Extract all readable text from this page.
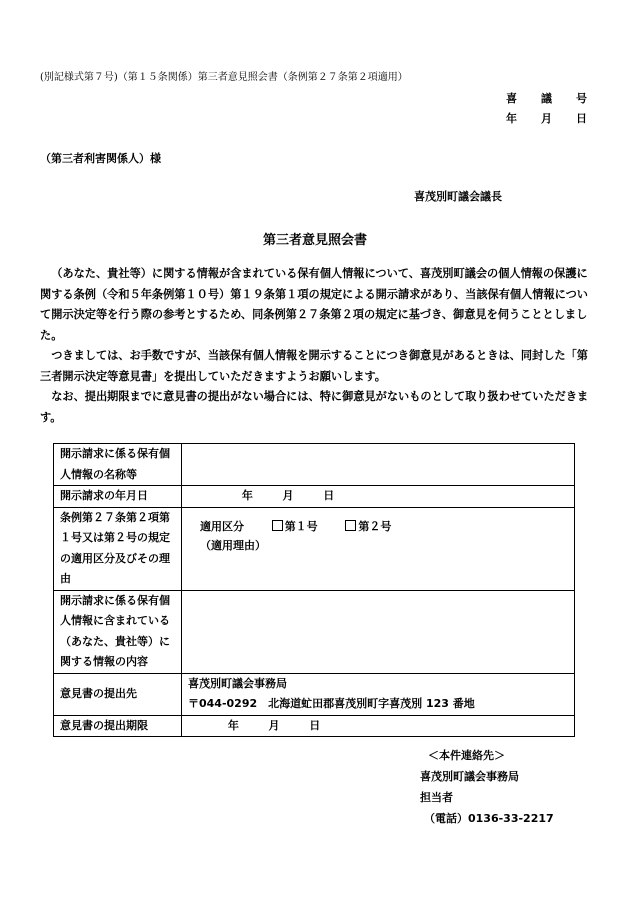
(別記様式第７号)（第１５条関係）第三者意見照会書（条例第２７条第２項適用）
喜 議 号
年 月 日
（第三者利害関係人）様
喜茂別町議会議長
第三者意見照会書

（あなた、貴社等）に関する情報が含まれている保有個人情報について、喜茂別町議会の個人情報の保護に関する条例（令和５年条例第１０号）第１９条第１項の規定による開示請求があり、当該保有個人情報について開示決定等を行う際の参考とするため、同条例第２７条第２項の規定に基づき、御意見を伺うこととしました。

つきましては、お手数ですが、当該保有個人情報を開示することにつき御意見があるときは、同封した「第三者開示決定等意見書」を提出していただきますようお願いします。

なお、提出期限までに意見書の提出がない場合には、特に御意見がないものとして取り扱わせていただきます。

開示請求に係る保有個人情報の名称等	
開示請求の年月日	年 月 日
条例第２７条第２項第１号又は第２号の規定の適用区分及びその理由	適用区分 第１号 第２号
（適用理由）

開示請求に係る保有個人情報に含まれている（あなた、貴社等）に関する情報の内容	
意見書の提出先	喜茂別町議会事務局
〒044-0292　北海道虻田郡喜茂別町字喜茂別 123 番地

意見書の提出期限	年 月 日
＜本件連絡先＞
喜茂別町議会事務局
担当者
（電話）0136-33-2217
